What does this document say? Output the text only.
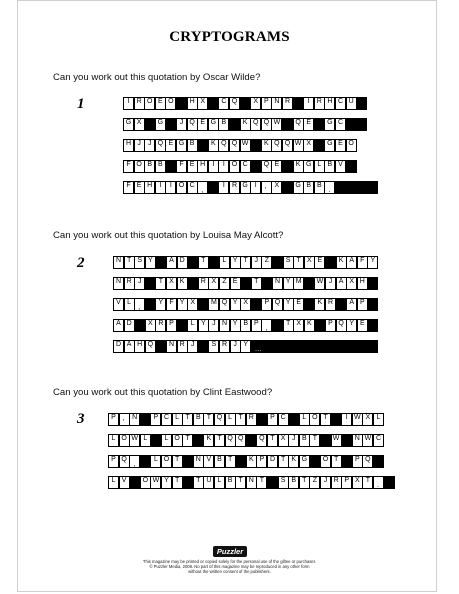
CRYPTOGRAMS
Can you work out this quotation by Oscar Wilde?
1	I	R O E O H X	C Q	X P N R	I	R H C U
G X	G	J Q E G B	K Q Q W Q E	G C
H J	J Q E G B	K Q Q W	K Q Q W X	G E O
F O B B	F E H	I	I O C Q E	K G L B V
F E H	I	I O C
,
I	R G I
'
X	G B B
.
Can you work out this quotation by Louisa May Alcott?
2	N T S Y	A D	T	L Y T J Z	S T X E	K A F Y
N R J	T X K	R X Z E	T	N Y M W J A X H
V L
,
Y F Y X	M Q Y X	P Q Y E	K R	A P
A D	X R P	L Y J N Y B P
,
T X K	P Q Y E
D A H Q N R J	S R J Y
…
Can you work out this quotation by Clint Eastwood?
3	P
'
N	P C L T B T Q L T R	P C	L O T	I W X L
L O W L	L O T	K T Q Q Q T X J B T	W N W C
P Q
,
L O T	N V B T	K P D T K G O T	P Q
L V	O W Y T	T U L B T N T	S B T Z J R P X T
.
Puzzler
This magazine may be printed or copied solely for the personal use of the giftee or purchaser.
© Puzzler Media, 2008. No part of this magazine may be reproduced in any other form
without the written consent of the publishers.
